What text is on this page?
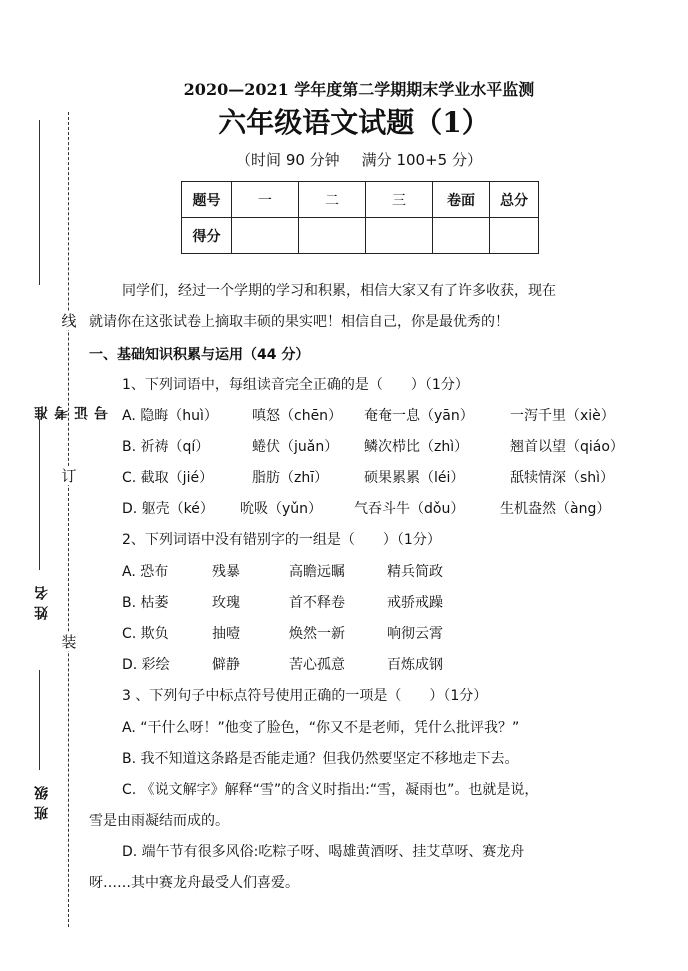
线
订
装
准考证号
姓名
班级
2020—2021 学年度第二学期期末学业水平监测
六年级语文试题（1）
（时间 90 分钟 满分 100+5 分）
题号	一	二	三	卷面	总分
得分					
同学们，经过一个学期的学习和积累，相信大家又有了许多收获，现在
就请你在这张试卷上摘取丰硕的果实吧！相信自己，你是最优秀的！
一、基础知识积累与运用（44 分）
1、下列词语中，每组读音完全正确的是（　　）（1分）
A. 隐晦（huì） 嗔怒（chēn） 奄奄一息（yān）	一泻千里（xiè）
B. 祈祷（qí）	蜷伏（juǎn） 鳞次栉比（zhì）	翘首以望（qiáo）
C. 截取（jié）	脂肪（zhī）	硕果累累（léi）	舐犊情深（shì）
D. 躯壳（ké） 吮吸（yǔn） 气吞斗牛（dǒu）	生机盎然（àng）
2、下列词语中没有错别字的一组是（　　）（1分）
A. 恐布	残暴	高瞻远瞩	精兵简政
B. 枯萎	玫瑰	首不释卷	戒骄戒躁
C. 欺负	抽噎	焕然一新	响彻云霄
D. 彩绘	僻静	苦心孤意	百炼成钢
3 、下列句子中标点符号使用正确的一项是（　　）（1分）
A. “干什么呀！”他变了脸色，“你又不是老师，凭什么批评我？”
B. 我不知道这条路是否能走通？但我仍然要坚定不移地走下去。
C. 《说文解字》解释“雪”的含义时指出:“雪，凝雨也”。也就是说，
雪是由雨凝结而成的。
D. 端午节有很多风俗:吃粽子呀、喝雄黄酒呀、挂艾草呀、赛龙舟
呀……其中赛龙舟最受人们喜爱。
